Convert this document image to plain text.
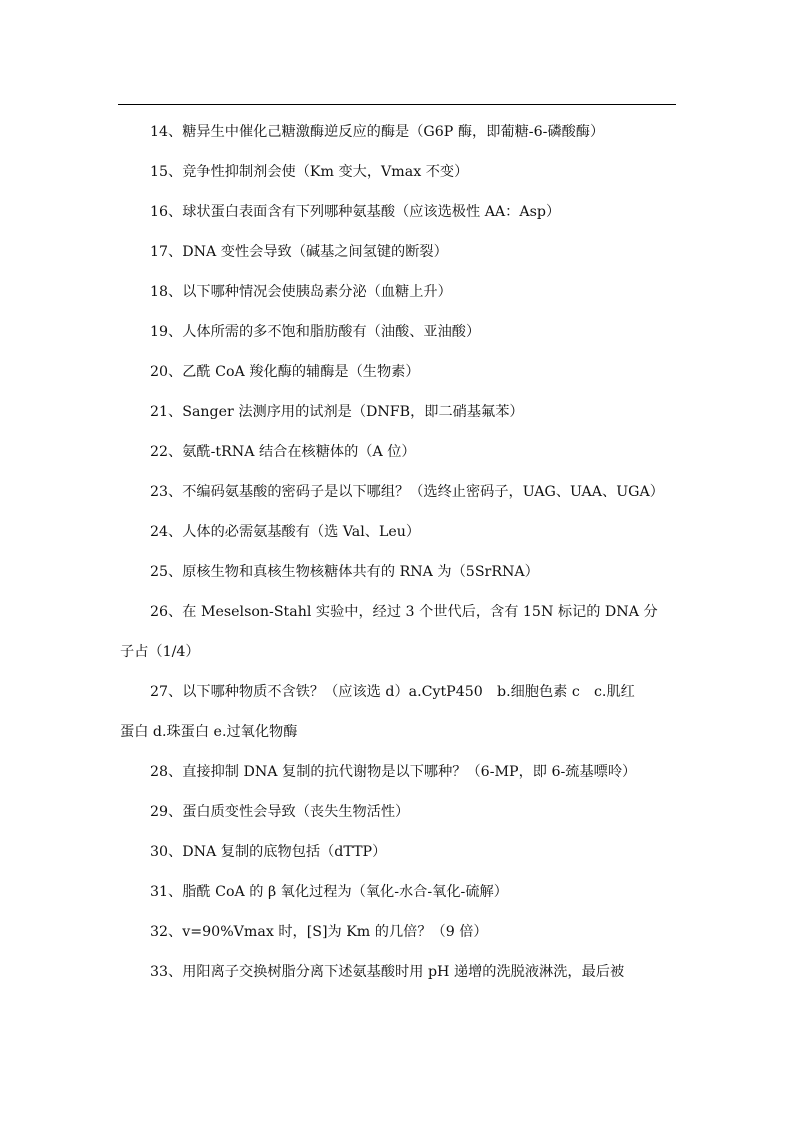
14、糖异生中催化己糖激酶逆反应的酶是（G6P 酶，即葡糖-6-磷酸酶）
15、竞争性抑制剂会使（Km 变大，Vmax 不变）
16、球状蛋白表面含有下列哪种氨基酸（应该选极性 AA：Asp）
17、DNA 变性会导致（碱基之间氢键的断裂）
18、以下哪种情况会使胰岛素分泌（血糖上升）
19、人体所需的多不饱和脂肪酸有（油酸、亚油酸）
20、乙酰 CoA 羧化酶的辅酶是（生物素）
21、Sanger 法测序用的试剂是（DNFB，即二硝基氟苯）
22、氨酰-tRNA 结合在核糖体的（A 位）
23、不编码氨基酸的密码子是以下哪组？（选终止密码子，UAG、UAA、UGA）
24、人体的必需氨基酸有（选 Val、Leu）
25、原核生物和真核生物核糖体共有的 RNA 为（5SrRNA）
26、在 Meselson-Stahl 实验中，经过 3 个世代后，含有 15N 标记的 DNA 分
子占（1/4）
27、以下哪种物质不含铁？（应该选 d）a.CytP450　b.细胞色素 c　c.肌红
蛋白 d.珠蛋白 e.过氧化物酶
28、直接抑制 DNA 复制的抗代谢物是以下哪种？（6-MP，即 6-巯基嘌呤）
29、蛋白质变性会导致（丧失生物活性）
30、DNA 复制的底物包括（dTTP）
31、脂酰 CoA 的 β 氧化过程为（氧化-水合-氧化-硫解）
32、v=90%Vmax 时，[S]为 Km 的几倍？（9 倍）
33、用阳离子交换树脂分离下述氨基酸时用 pH 递增的洗脱液淋洗，最后被
